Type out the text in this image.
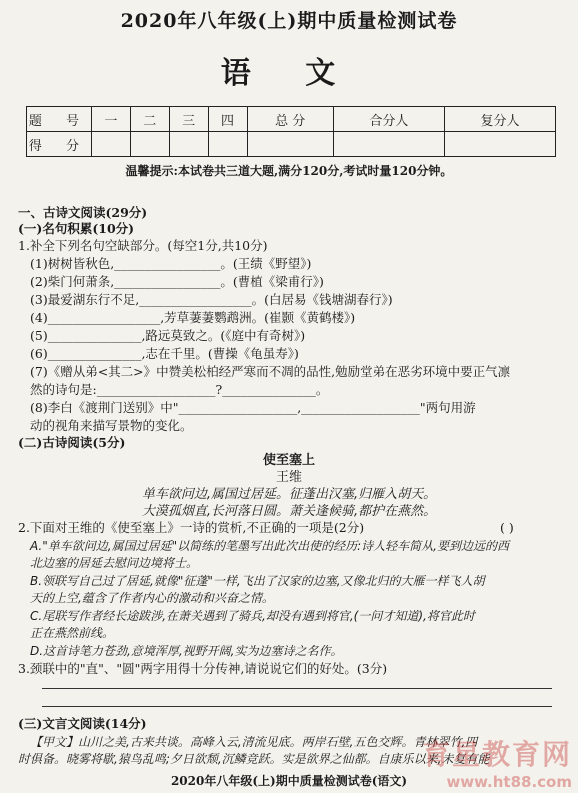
2020年八年级(上)期中质量检测试卷
语 文
题 号	一	二	三	四	总 分	合分人	复分人
得 分							
温馨提示:本试卷共三道大题,满分120分,考试时量120分钟。
一、古诗文阅读(29分)
(一)名句积累(10分)
1.补全下列名句空缺部分。(每空1分,共10分)
(1)树树皆秋色,_________________。(王绩《野望》)
(2)柴门何萧条,_________________。(曹植《梁甫行》)
(3)最爱湖东行不足,__________________。(白居易《钱塘湖春行》)
(4)__________________,芳草萋萋鹦鹉洲。(崔颢《黄鹤楼》)
(5)_______________,路远莫致之。(《庭中有奇树》)
(6)_______________,志在千里。(曹操《龟虽寿》)
(7)《赠从弟<其二>》中赞美松柏经严寒而不凋的品性,勉励堂弟在恶劣环境中要正气凛
然的诗句是:___________________?_______________。
(8)李白《渡荆门送别》中"___________________,___________________"两句用游
动的视角来描写景物的变化。
(二)古诗阅读(5分)
使至塞上
王维
单车欲问边,属国过居延。征蓬出汉塞,归雁入胡天。
大漠孤烟直,长河落日圆。萧关逢候骑,都护在燕然。
2.下面对王维的《使至塞上》一诗的赏析,不正确的一项是(2分)	( )
A."单车欲问边,属国过居延"以简练的笔墨写出此次出使的经历:诗人轻车简从,要到边远的西
北边塞的居延去慰问边境将士。
B.领联写自己过了居延,就像"征蓬"一样,飞出了汉家的边塞,又像北归的大雁一样飞人胡
天的上空,蕴含了作者内心的激动和兴奋之情。
C.尾联写作者经长途跋涉,在萧关遇到了骑兵,却没有遇到将官,(一问才知道),将官此时
正在燕然前线。
D.这首诗笔力苍劲,意境浑厚,视野开阔,实为边塞诗之名作。
3.颈联中的"直"、"圆"两字用得十分传神,请说说它们的好处。(3分)
(三)文言文阅读(14分)
【甲文】山川之美,古来共谈。高峰入云,清流见底。两岸石壁,五色交辉。青林翠竹,四
时俱备。晓雾将歇,猿鸟乱鸣;夕日欲颓,沉鳞竞跃。实是欲界之仙都。自康乐以来,未复有能
2020年八年级(上)期中质量检测试卷(语文)
育星教育网
www.ht88.com
